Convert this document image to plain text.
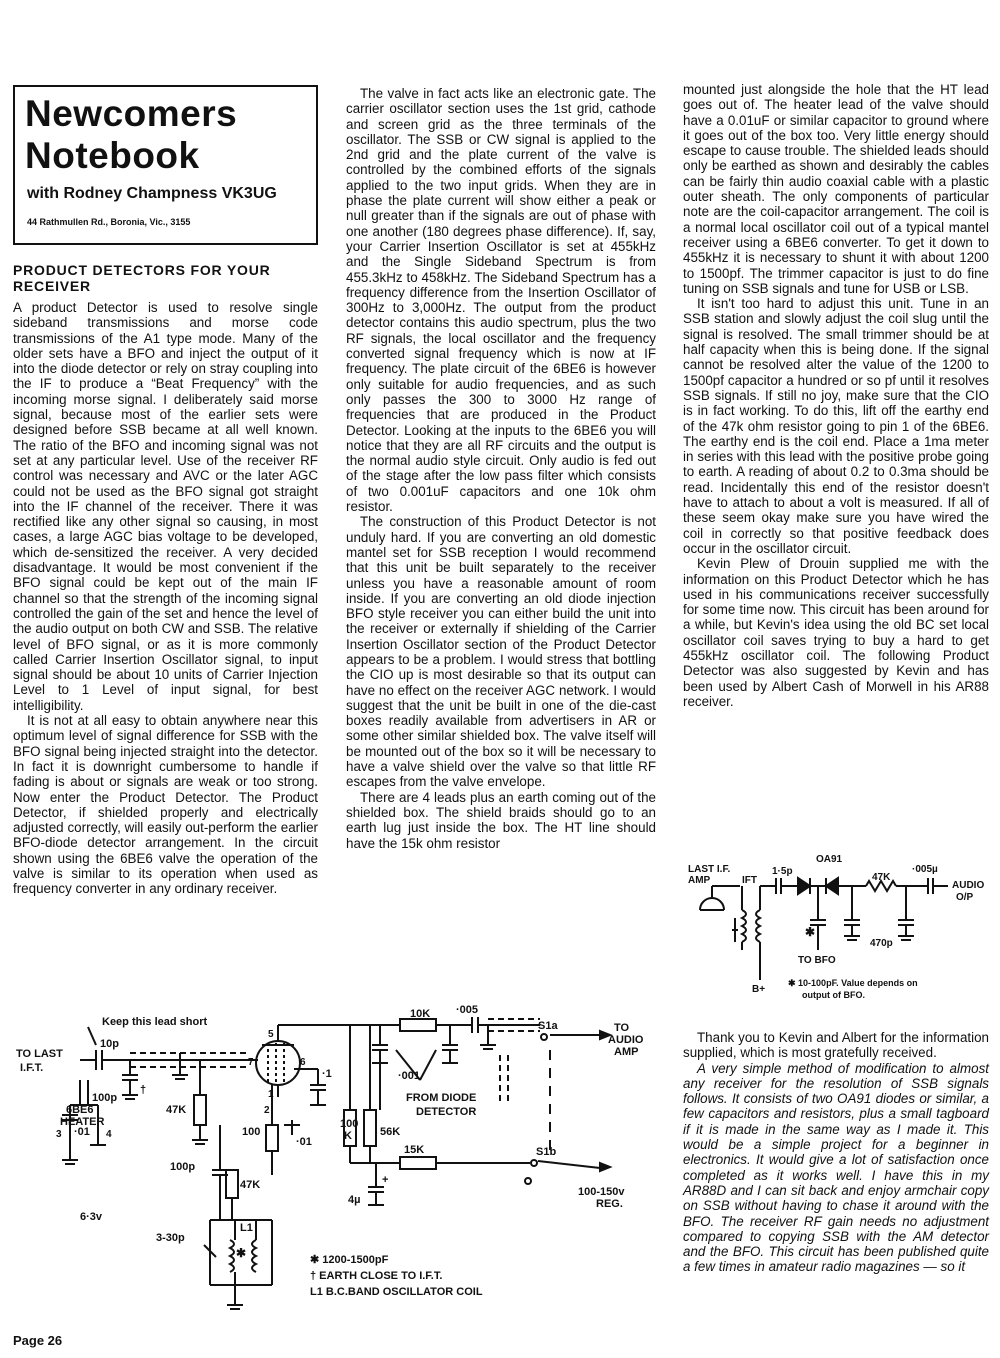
Newcomers
Notebook
with Rodney Champness VK3UG
44 Rathmullen Rd., Boronia, Vic., 3155
PRODUCT DETECTORS FOR YOUR RECEIVER

A product Detector is used to resolve single sideband transmissions and morse code transmissions of the A1 type mode. Many of the older sets have a BFO and inject the output of it into the diode detector or rely on stray coupling into the IF to produce a “Beat Frequency” with the incoming morse signal. I deliberately said morse signal, because most of the earlier sets were designed before SSB became at all well known. The ratio of the BFO and incoming signal was not set at any particular level. Use of the receiver RF control was necessary and AVC or the later AGC could not be used as the BFO signal got straight into the IF channel of the receiver. There it was rectified like any other signal so causing, in most cases, a large AGC bias voltage to be developed, which de-sensitized the receiver. A very decided disadvantage. It would be most convenient if the BFO signal could be kept out of the main IF channel so that the strength of the incoming signal controlled the gain of the set and hence the level of the audio output on both CW and SSB. The relative level of BFO signal, or as it is more commonly called Carrier Insertion Oscillator signal, to input signal should be about 10 units of Carrier Injection Level to 1 Level of input signal, for best intelligibility.

It is not at all easy to obtain anywhere near this optimum level of signal difference for SSB with the BFO signal being injected straight into the detector. In fact it is downright cumbersome to handle if fading is about or signals are weak or too strong. Now enter the Product Detector. The Product Detector, if shielded properly and electrically adjusted correctly, will easily out-perform the earlier BFO-diode detector arrangement. In the circuit shown using the 6BE6 valve the operation of the valve is similar to its operation when used as frequency converter in any ordinary receiver.

The valve in fact acts like an electronic gate. The carrier oscillator section uses the 1st grid, cathode and screen grid as the three terminals of the oscillator. The SSB or CW signal is applied to the 2nd grid and the plate current of the valve is controlled by the combined efforts of the signals applied to the two input grids. When they are in phase the plate current will show either a peak or null greater than if the signals are out of phase with one another (180 degrees phase difference). If, say, your Carrier Insertion Oscillator is set at 455kHz and the Single Sideband Spectrum is from 455.3kHz to 458kHz. The Sideband Spectrum has a frequency difference from the Insertion Oscillator of 300Hz to 3,000Hz. The output from the product detector contains this audio spectrum, plus the two RF signals, the local oscillator and the frequency converted signal frequency which is now at IF frequency. The plate circuit of the 6BE6 is however only suitable for audio frequencies, and as such only passes the 300 to 3000 Hz range of frequencies that are produced in the Product Detector. Looking at the inputs to the 6BE6 you will notice that they are all RF circuits and the output is the normal audio style circuit. Only audio is fed out of the stage after the low pass filter which consists of two 0.001uF capacitors and one 10k ohm resistor.

The construction of this Product Detector is not unduly hard. If you are converting an old domestic mantel set for SSB reception I would recommend that this unit be built separately to the receiver unless you have a reasonable amount of room inside. If you are converting an old diode injection BFO style receiver you can either build the unit into the receiver or externally if shielding of the Carrier Insertion Oscillator section of the Product Detector appears to be a problem. I would stress that bottling the CIO up is most desirable so that its output can have no effect on the receiver AGC network. I would suggest that the unit be built in one of the die-cast boxes readily available from advertisers in AR or some other similar shielded box. The valve itself will be mounted out of the box so it will be necessary to have a valve shield over the valve so that little RF escapes from the valve envelope.

There are 4 leads plus an earth coming out of the shielded box. The shield braids should go to an earth lug just inside the box. The HT line should have the 15k ohm resistor

mounted just alongside the hole that the HT lead goes out of. The heater lead of the valve should have a 0.01uF or similar capacitor to ground where it goes out of the box too. Very little energy should escape to cause trouble. The shielded leads should only be earthed as shown and desirably the cables can be fairly thin audio coaxial cable with a plastic outer sheath. The only components of particular note are the coil-capacitor arrangement. The coil is a normal local oscillator coil out of a typical mantel receiver using a 6BE6 converter. To get it down to 455kHz it is necessary to shunt it with about 1200 to 1500pf. The trimmer capacitor is just to do fine tuning on SSB signals and tune for USB or LSB.

It isn't too hard to adjust this unit. Tune in an SSB station and slowly adjust the coil slug until the signal is resolved. The small trimmer should be at half capacity when this is being done. If the signal cannot be resolved alter the value of the 1200 to 1500pf capacitor a hundred or so pf until it resolves SSB signals. If still no joy, make sure that the CIO is in fact working. To do this, lift off the earthy end of the 47k ohm resistor going to pin 1 of the 6BE6. The earthy end is the coil end. Place a 1ma meter in series with this lead with the positive probe going to earth. A reading of about 0.2 to 0.3ma should be read. Incidentally this end of the resistor doesn't have to attach to about a volt is measured. If all of these seem okay make sure you have wired the coil in correctly so that positive feedback does occur in the oscillator circuit.

Kevin Plew of Drouin supplied me with the information on this Product Detector which he has used in his communications receiver successfully for some time now. This circuit has been around for a while, but Kevin's idea using the old BC set local oscillator coil saves trying to buy a hard to get 455kHz oscillator coil. The following Product Detector was also suggested by Kevin and has been used by Albert Cash of Morwell in his AR88 receiver.

Thank you to Kevin and Albert for the information supplied, which is most gratefully received.

A very simple method of modification to almost any receiver for the resolution of SSB signals follows. It consists of two OA91 diodes or similar, a few capacitors and resistors, plus a small tagboard if it is made in the same way as I made it. This would be a simple project for a beginner in electronics. It would give a lot of satisfaction once completed as it works well. I have this in my AR88D and I can sit back and enjoy armchair copy on SSB without having to chase it around with the BFO. The receiver RF gain needs no adjustment compared to copying SSB with the AM detector and the BFO. This circuit has been published quite a few times in amateur radio magazines — so it

LAST I.F.
AMP	IFT
1·5p
OA91
47K
·005µ
AUDIO
O/P
470p
✱
TO BFO
B+
✱ 10-100pF. Value depends on
output of BFO.
Keep this lead short
TO LAST
I.F.T.
10p
100p
†
47K
6BE6
HEATER
3	4
·01
6·3v
5
7	6
1
2
·1
100
·01
100p
47K
3-30p
L1
✱
10K ·005
·001
S1a	TO
AUDIO
AMP
FROM DIODE
DETECTOR
100
K	56K
15K	S1b
4µ
+
100-150v
REG.
✱ 1200-1500pF
† EARTH CLOSE TO I.F.T.
L1 B.C.BAND OSCILLATOR COIL
Page 26
